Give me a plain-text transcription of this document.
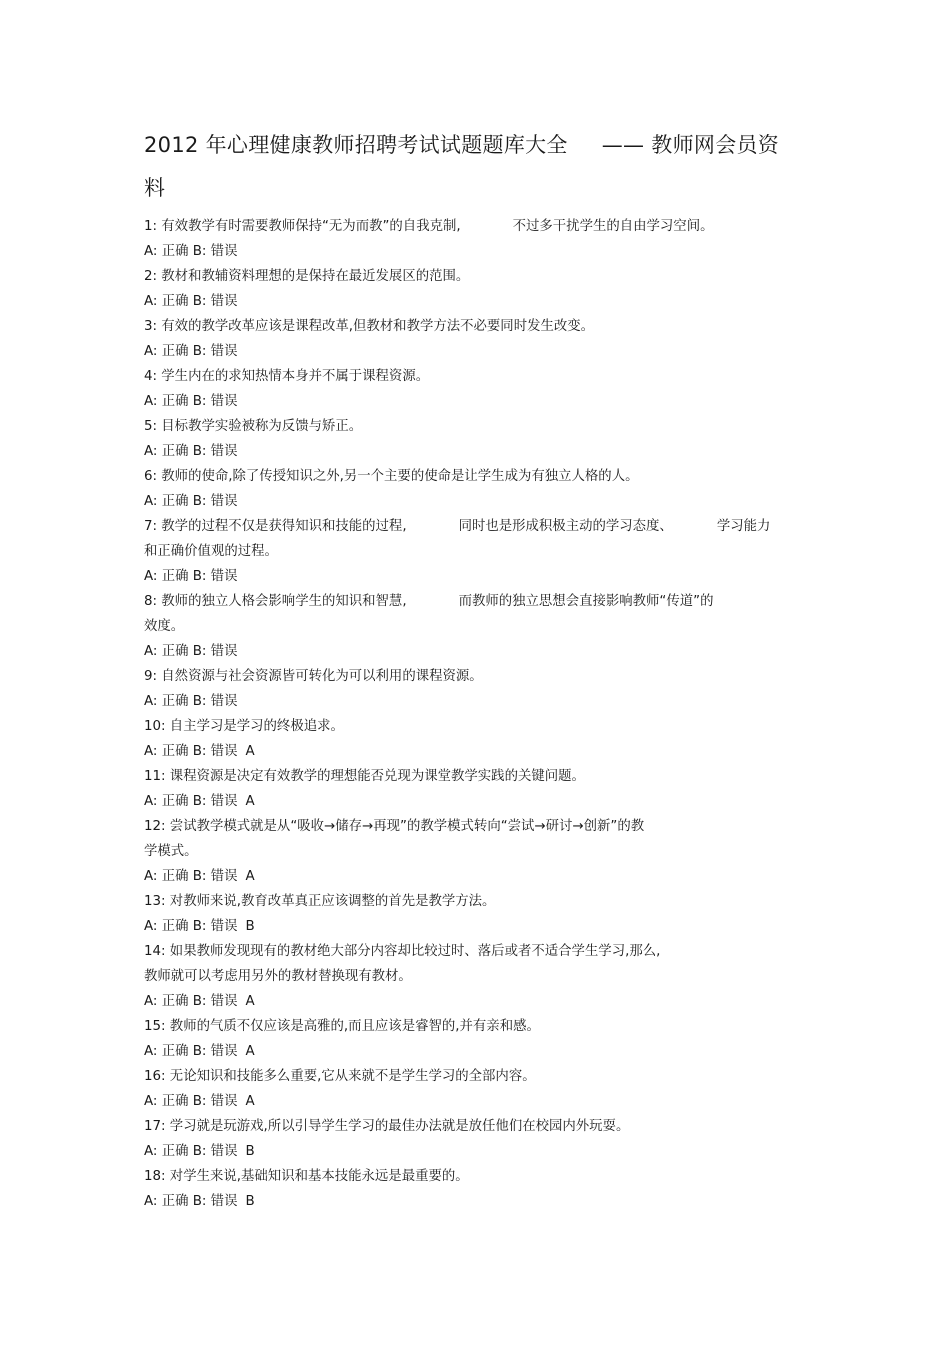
2012 年心理健康教师招聘考试试题题库大全 —— 教师网会员资
料
1: 有效教学有时需要教师保持“无为而教”的自我克制,	不过多干扰学生的自由学习空间。
A: 正确 B: 错误
2: 教材和教辅资料理想的是保持在最近发展区的范围。
A: 正确 B: 错误
3: 有效的教学改革应该是课程改革,但教材和教学方法不必要同时发生改变。
A: 正确 B: 错误
4: 学生内在的求知热情本身并不属于课程资源。
A: 正确 B: 错误
5: 目标教学实验被称为反馈与矫正。
A: 正确 B: 错误
6: 教师的使命,除了传授知识之外,另一个主要的使命是让学生成为有独立人格的人。
A: 正确 B: 错误
7: 教学的过程不仅是获得知识和技能的过程,	同时也是形成积极主动的学习态度、	学习能力
和正确价值观的过程。
A: 正确 B: 错误
8: 教师的独立人格会影响学生的知识和智慧,	而教师的独立思想会直接影响教师“传道”的
效度。
A: 正确 B: 错误
9: 自然资源与社会资源皆可转化为可以利用的课程资源。
A: 正确 B: 错误
10: 自主学习是学习的终极追求。
A: 正确 B: 错误 A
11: 课程资源是决定有效教学的理想能否兑现为课堂教学实践的关键问题。
A: 正确 B: 错误 A
12: 尝试教学模式就是从“吸收→储存→再现”的教学模式转向“尝试→研讨→创新”的教
学模式。
A: 正确 B: 错误 A
13: 对教师来说,教育改革真正应该调整的首先是教学方法。
A: 正确 B: 错误 B
14: 如果教师发现现有的教材绝大部分内容却比较过时、落后或者不适合学生学习,那么,
教师就可以考虑用另外的教材替换现有教材。
A: 正确 B: 错误 A
15: 教师的气质不仅应该是高雅的,而且应该是睿智的,并有亲和感。
A: 正确 B: 错误 A
16: 无论知识和技能多么重要,它从来就不是学生学习的全部内容。
A: 正确 B: 错误 A
17: 学习就是玩游戏,所以引导学生学习的最佳办法就是放任他们在校园内外玩耍。
A: 正确 B: 错误 B
18: 对学生来说,基础知识和基本技能永远是最重要的。
A: 正确 B: 错误 B
